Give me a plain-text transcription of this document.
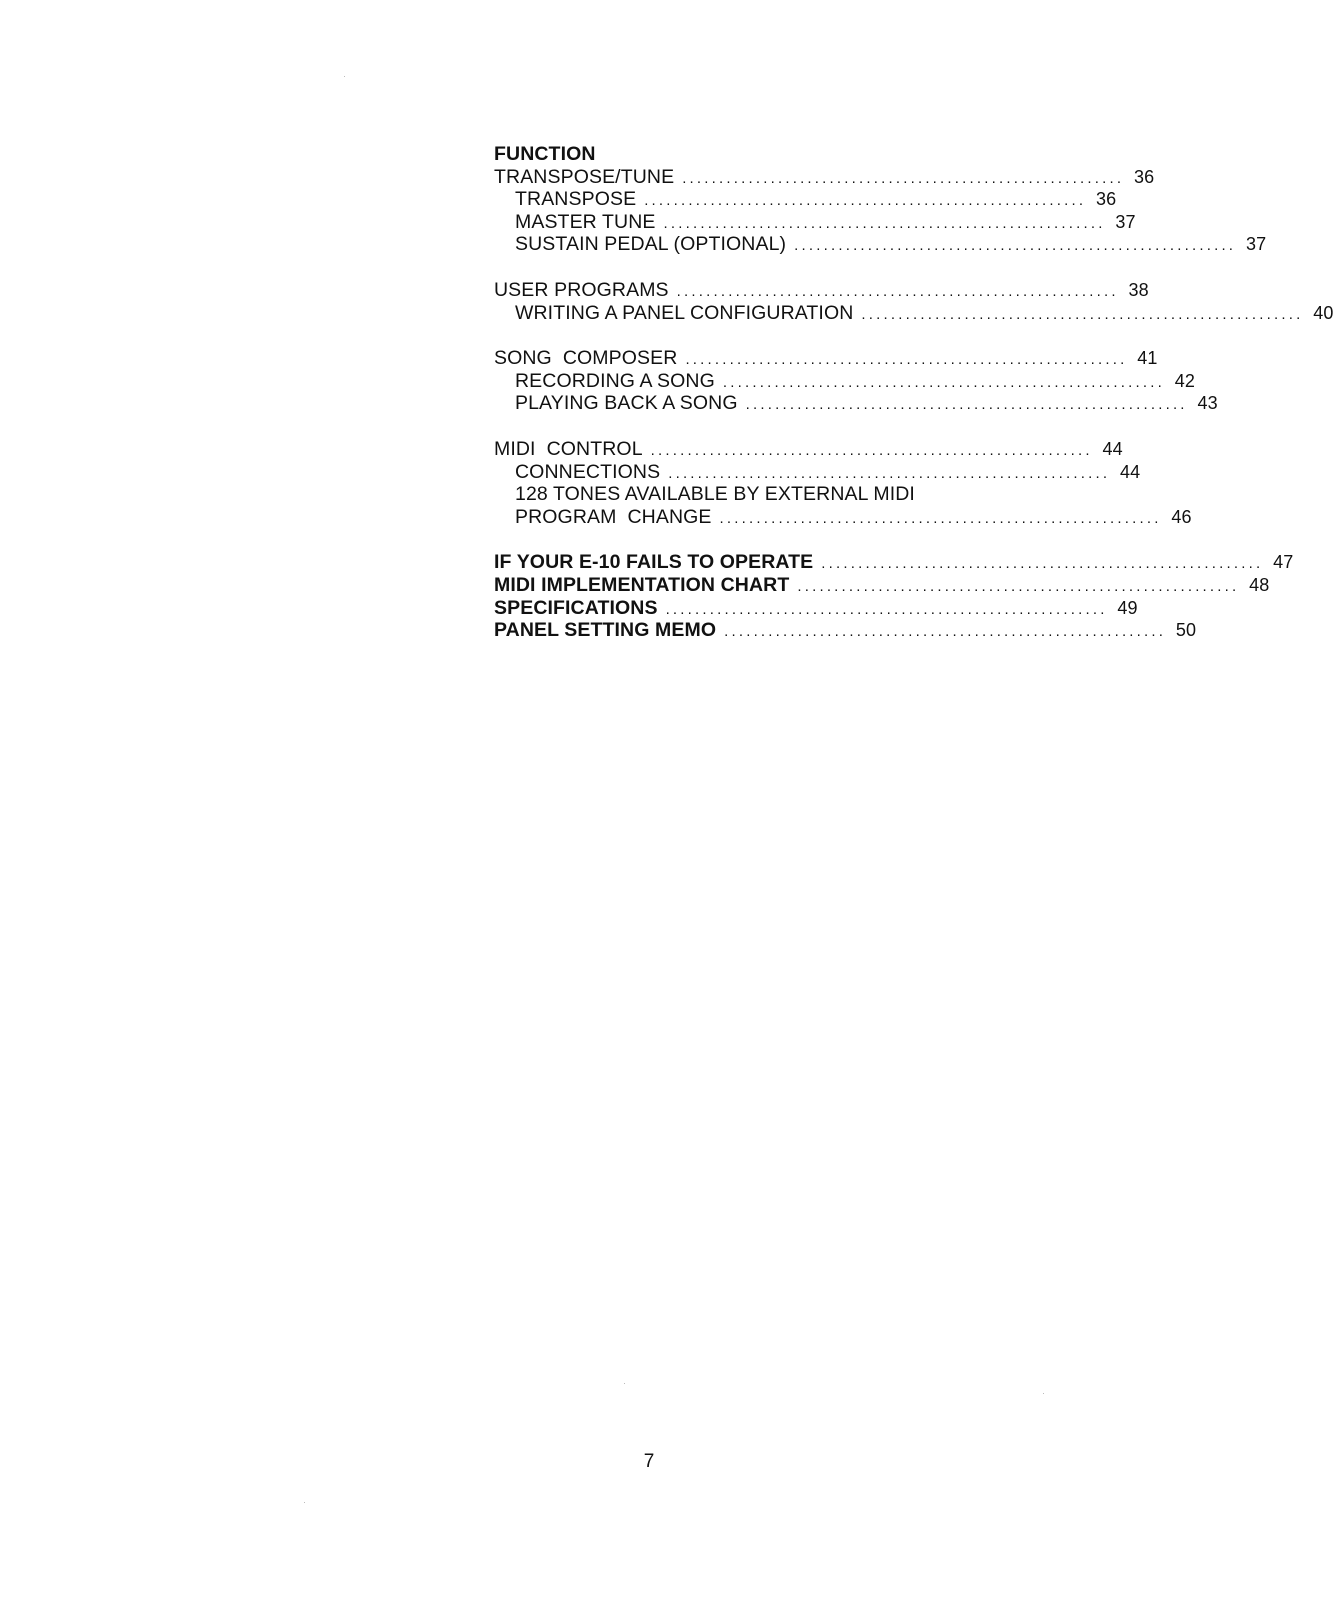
FUNCTION
TRANSPOSE/TUNE ............................................................ 36
TRANSPOSE ............................................................ 36
MASTER TUNE ............................................................ 37
SUSTAIN PEDAL (OPTIONAL) ............................................................ 37
USER PROGRAMS ............................................................ 38
WRITING A PANEL CONFIGURATION ............................................................ 40
SONG  COMPOSER ............................................................ 41
RECORDING A SONG ............................................................ 42
PLAYING BACK A SONG ............................................................ 43
MIDI  CONTROL ............................................................ 44
CONNECTIONS ............................................................ 44
128 TONES AVAILABLE BY EXTERNAL MIDI
PROGRAM  CHANGE ............................................................ 46
IF YOUR E-10 FAILS TO OPERATE ............................................................ 47
MIDI IMPLEMENTATION CHART ............................................................ 48
SPECIFICATIONS ............................................................ 49
PANEL SETTING MEMO ............................................................ 50
7
